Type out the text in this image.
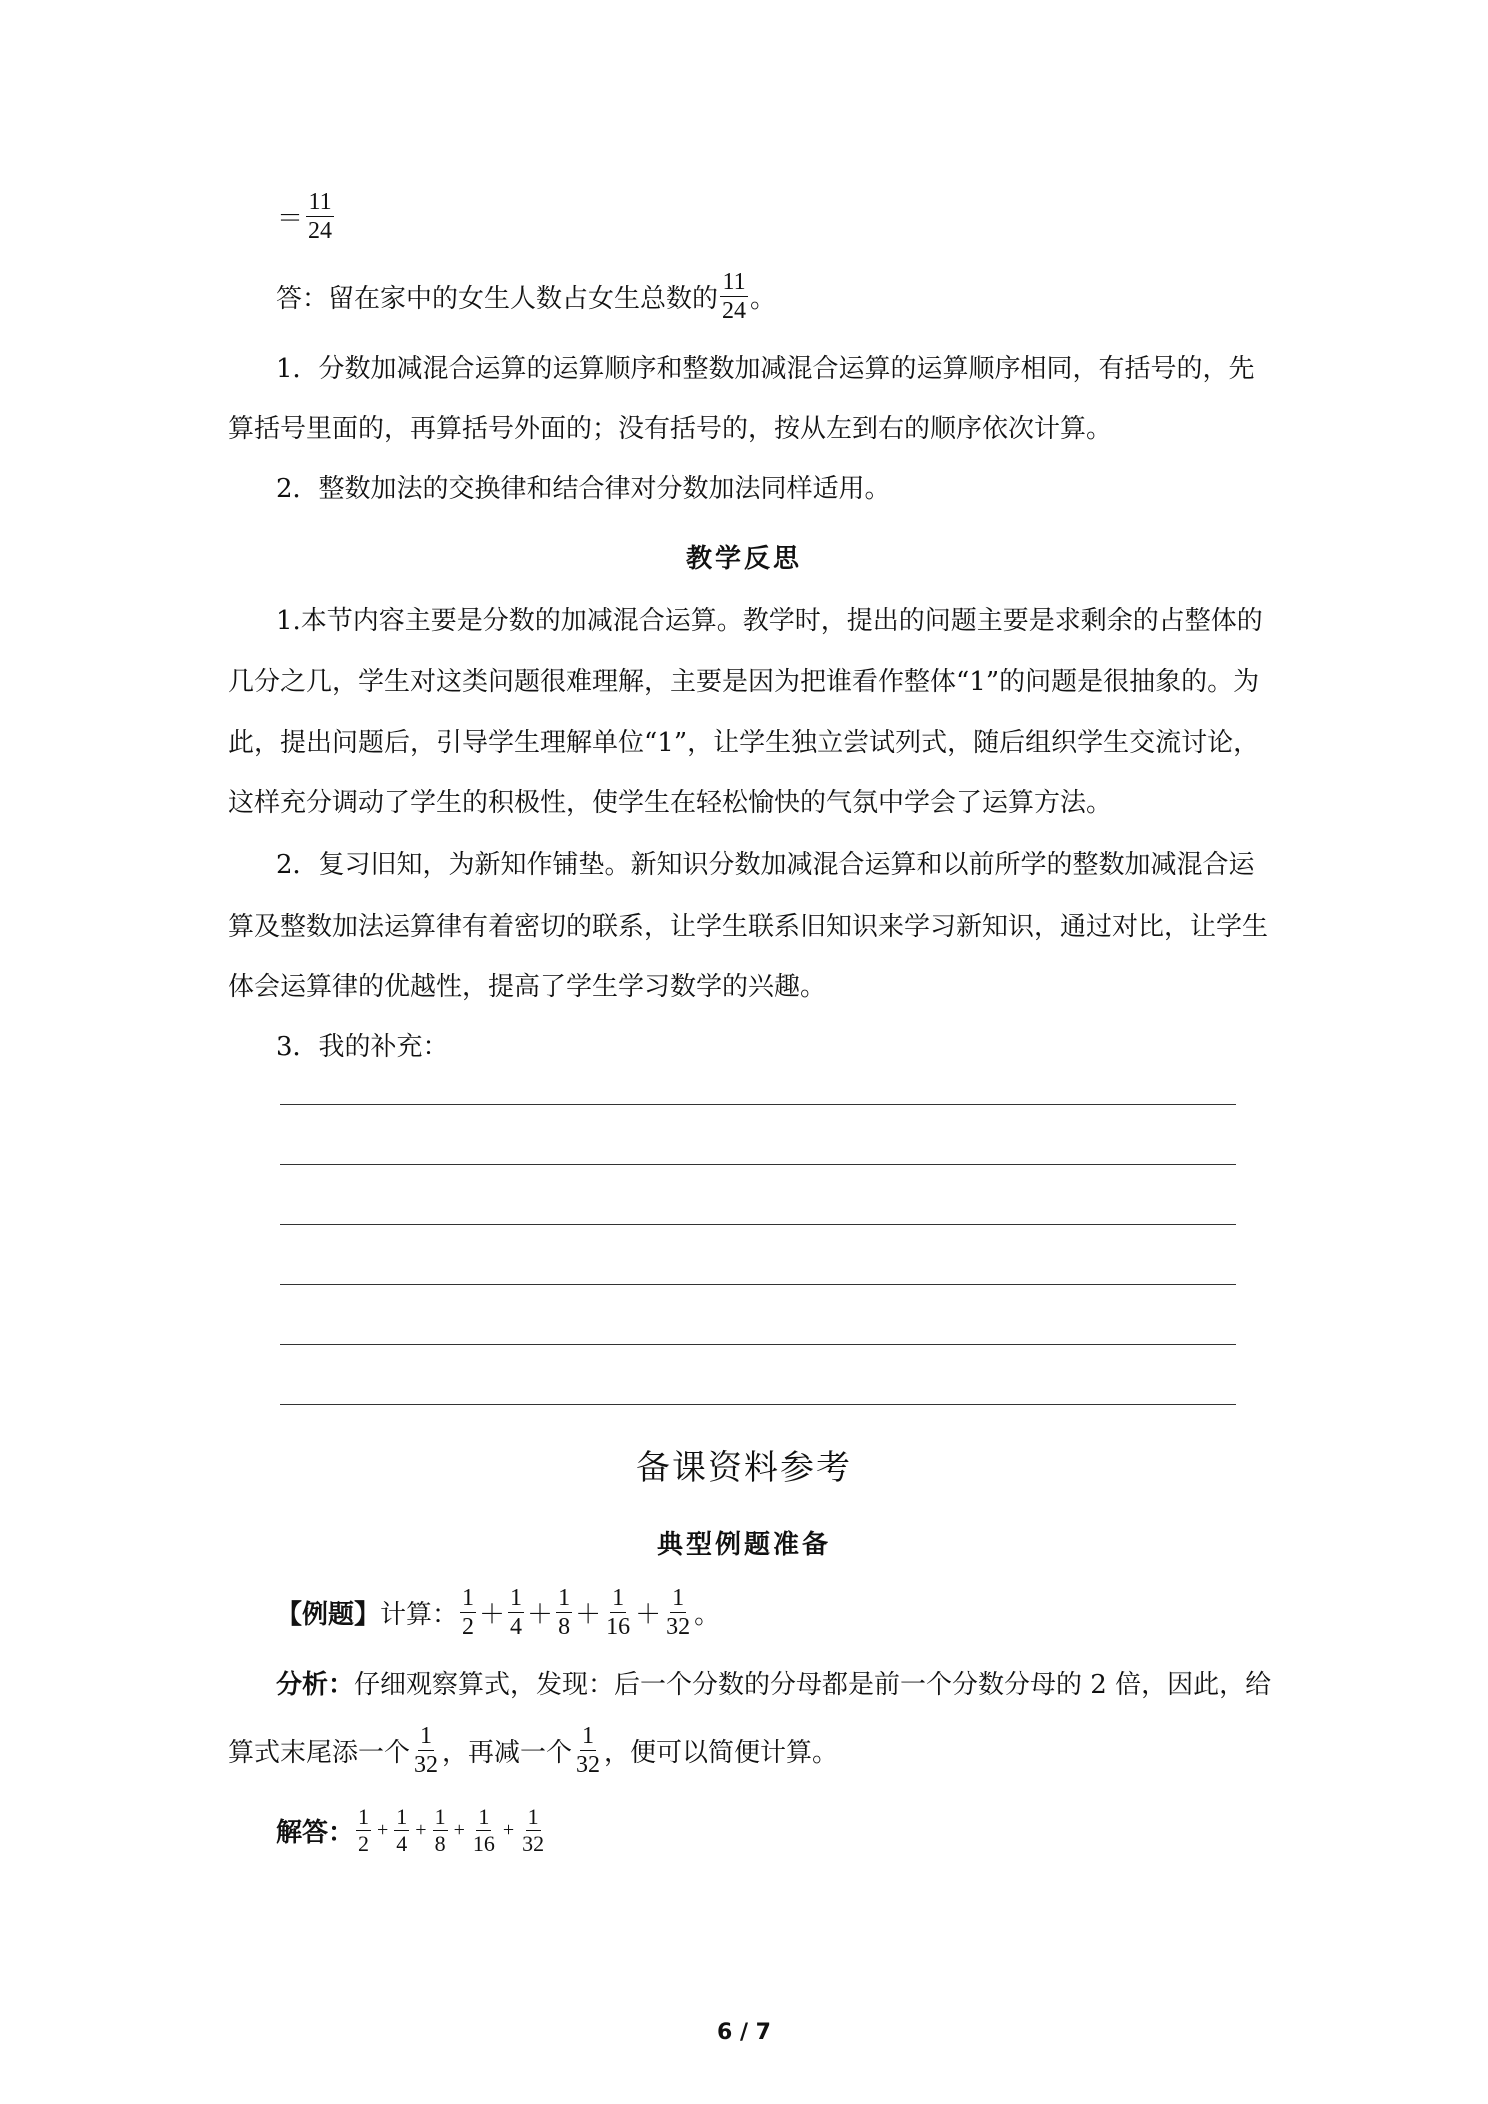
＝ $\frac{11}{24}$
答：留在家中的女生人数占女生总数的 $\frac{11}{24}$ 。
1．分数加减混合运算的运算顺序和整数加减混合运算的运算顺序相同，有括号的，先
算括号里面的，再算括号外面的；没有括号的，按从左到右的顺序依次计算。
2．整数加法的交换律和结合律对分数加法同样适用。
教学反思
1.本节内容主要是分数的加减混合运算。教学时，提出的问题主要是求剩余的占整体的
几分之几，学生对这类问题很难理解，主要是因为把谁看作整体“1”的问题是很抽象的。为
此，提出问题后，引导学生理解单位“1”，让学生独立尝试列式，随后组织学生交流讨论，
这样充分调动了学生的积极性，使学生在轻松愉快的气氛中学会了运算方法。
2．复习旧知，为新知作铺垫。新知识分数加减混合运算和以前所学的整数加减混合运
算及整数加法运算律有着密切的联系，让学生联系旧知识来学习新知识，通过对比，让学生
体会运算律的优越性，提高了学生学习数学的兴趣。
3．我的补充：
备课资料参考
典型例题准备
【例题】计算： $\frac{1}{2} + \frac{1}{4} + \frac{1}{8} + \frac{1}{16} + \frac{1}{32}$ 。
分析：仔细观察算式，发现：后一个分数的分母都是前一个分数分母的 2 倍，因此，给
算式末尾添一个 $\frac{1}{32}$ ，再减一个 $\frac{1}{32}$ ，便可以简便计算。
解答： $\frac{1}{2} + \frac{1}{4} + \frac{1}{8} + \frac{1}{16} + \frac{1}{32}$
6 / 7
